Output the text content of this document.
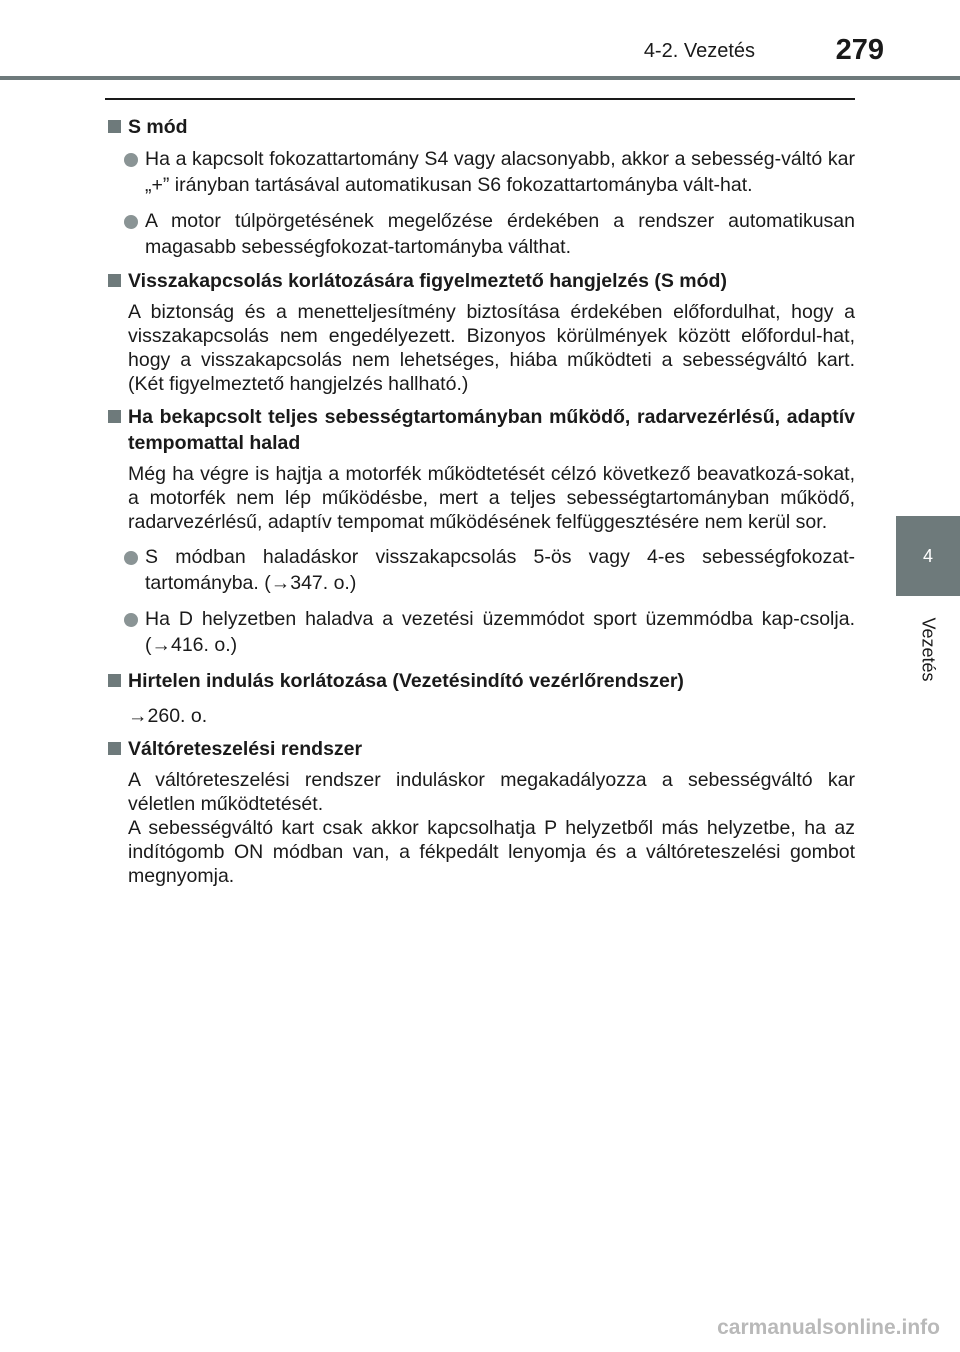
4-2. Vezetés	279
4
Vezetés
S mód
Ha a kapcsolt fokozattartomány S4 vagy alacsonyabb, akkor a sebesség-váltó kar „+” irányban tartásával automatikusan S6 fokozattartományba vált-hat.
A motor túlpörgetésének megelőzése érdekében a rendszer automatikusan magasabb sebességfokozat-tartományba válthat.
Visszakapcsolás korlátozására figyelmeztető hangjelzés (S mód)
A biztonság és a menetteljesítmény biztosítása érdekében előfordulhat, hogy a visszakapcsolás nem engedélyezett. Bizonyos körülmények között előfordul-hat, hogy a visszakapcsolás nem lehetséges, hiába működteti a sebességváltó kart. (Két figyelmeztető hangjelzés hallható.)
Ha bekapcsolt teljes sebességtartományban működő, radarvezérlésű, adaptív tempomattal halad
Még ha végre is hajtja a motorfék működtetését célzó következő beavatkozá-sokat, a motorfék nem lép működésbe, mert a teljes sebességtartományban működő, radarvezérlésű, adaptív tempomat működésének felfüggesztésére nem kerül sor.
S módban haladáskor visszakapcsolás 5-ös vagy 4-es sebességfokozat-tartományba. (→347. o.)
Ha D helyzetben haladva a vezetési üzemmódot sport üzemmódba kap-csolja. (→416. o.)
Hirtelen indulás korlátozása (Vezetésindító vezérlőrendszer)
→260. o.
Váltóreteszelési rendszer
A váltóreteszelési rendszer induláskor megakadályozza a sebességváltó kar véletlen működtetését.
A sebességváltó kart csak akkor kapcsolhatja P helyzetből más helyzetbe, ha az indítógomb ON módban van, a fékpedált lenyomja és a váltóreteszelési gombot megnyomja.
carmanualsonline.info
